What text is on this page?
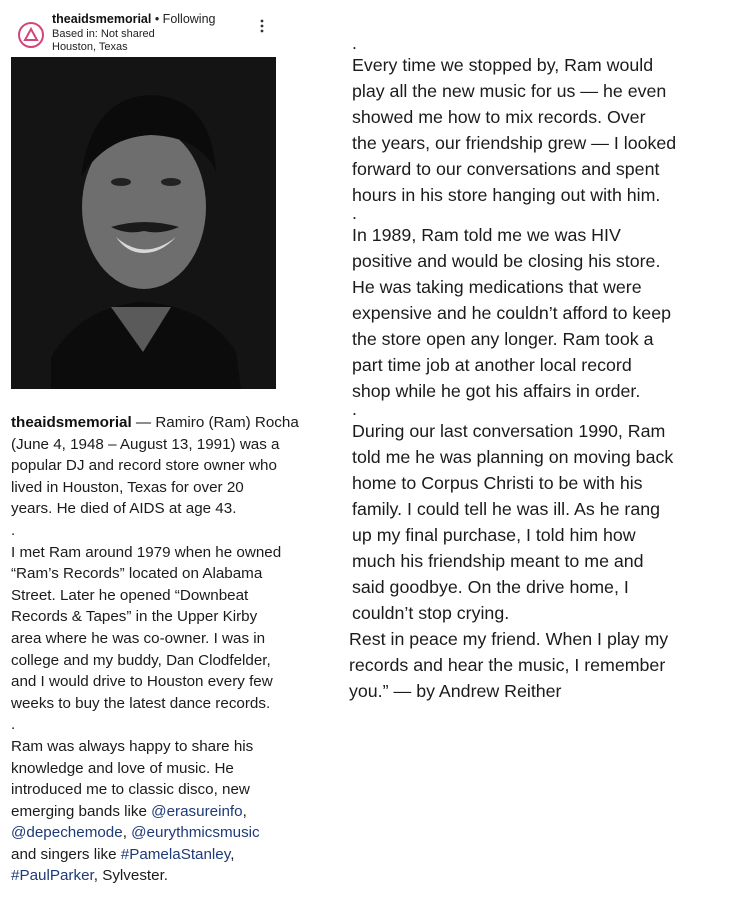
theaidsmemorial • Following
Based in: Not shared
Houston, Texas
theaidsmemorial — Ramiro (Ram) Rocha
(June 4, 1948 – August 13, 1991) was a
popular DJ and record store owner who
lived in Houston, Texas for over 20
years. He died of AIDS at age 43.
.
I met Ram around 1979 when he owned
“Ram’s Records” located on Alabama
Street. Later he opened “Downbeat
Records & Tapes” in the Upper Kirby
area where he was co-owner. I was in
college and my buddy, Dan Clodfelder,
and I would drive to Houston every few
weeks to buy the latest dance records.
.
Ram was always happy to share his
knowledge and love of music. He
introduced me to classic disco, new
emerging bands like @erasureinfo,
@depechemode, @eurythmicsmusic
and singers like #PamelaStanley,
#PaulParker, Sylvester.
.
Every time we stopped by, Ram would
play all the new music for us — he even
showed me how to mix records. Over
the years, our friendship grew — I looked
forward to our conversations and spent
hours in his store hanging out with him.
.
In 1989, Ram told me we was HIV
positive and would be closing his store.
He was taking medications that were
expensive and he couldn’t afford to keep
the store open any longer. Ram took a
part time job at another local record
shop while he got his affairs in order.
.
During our last conversation 1990, Ram
told me he was planning on moving back
home to Corpus Christi to be with his
family. I could tell he was ill. As he rang
up my final purchase, I told him how
much his friendship meant to me and
said goodbye. On the drive home, I
couldn’t stop crying.
Rest in peace my friend. When I play my
records and hear the music, I remember
you.” — by Andrew Reither
